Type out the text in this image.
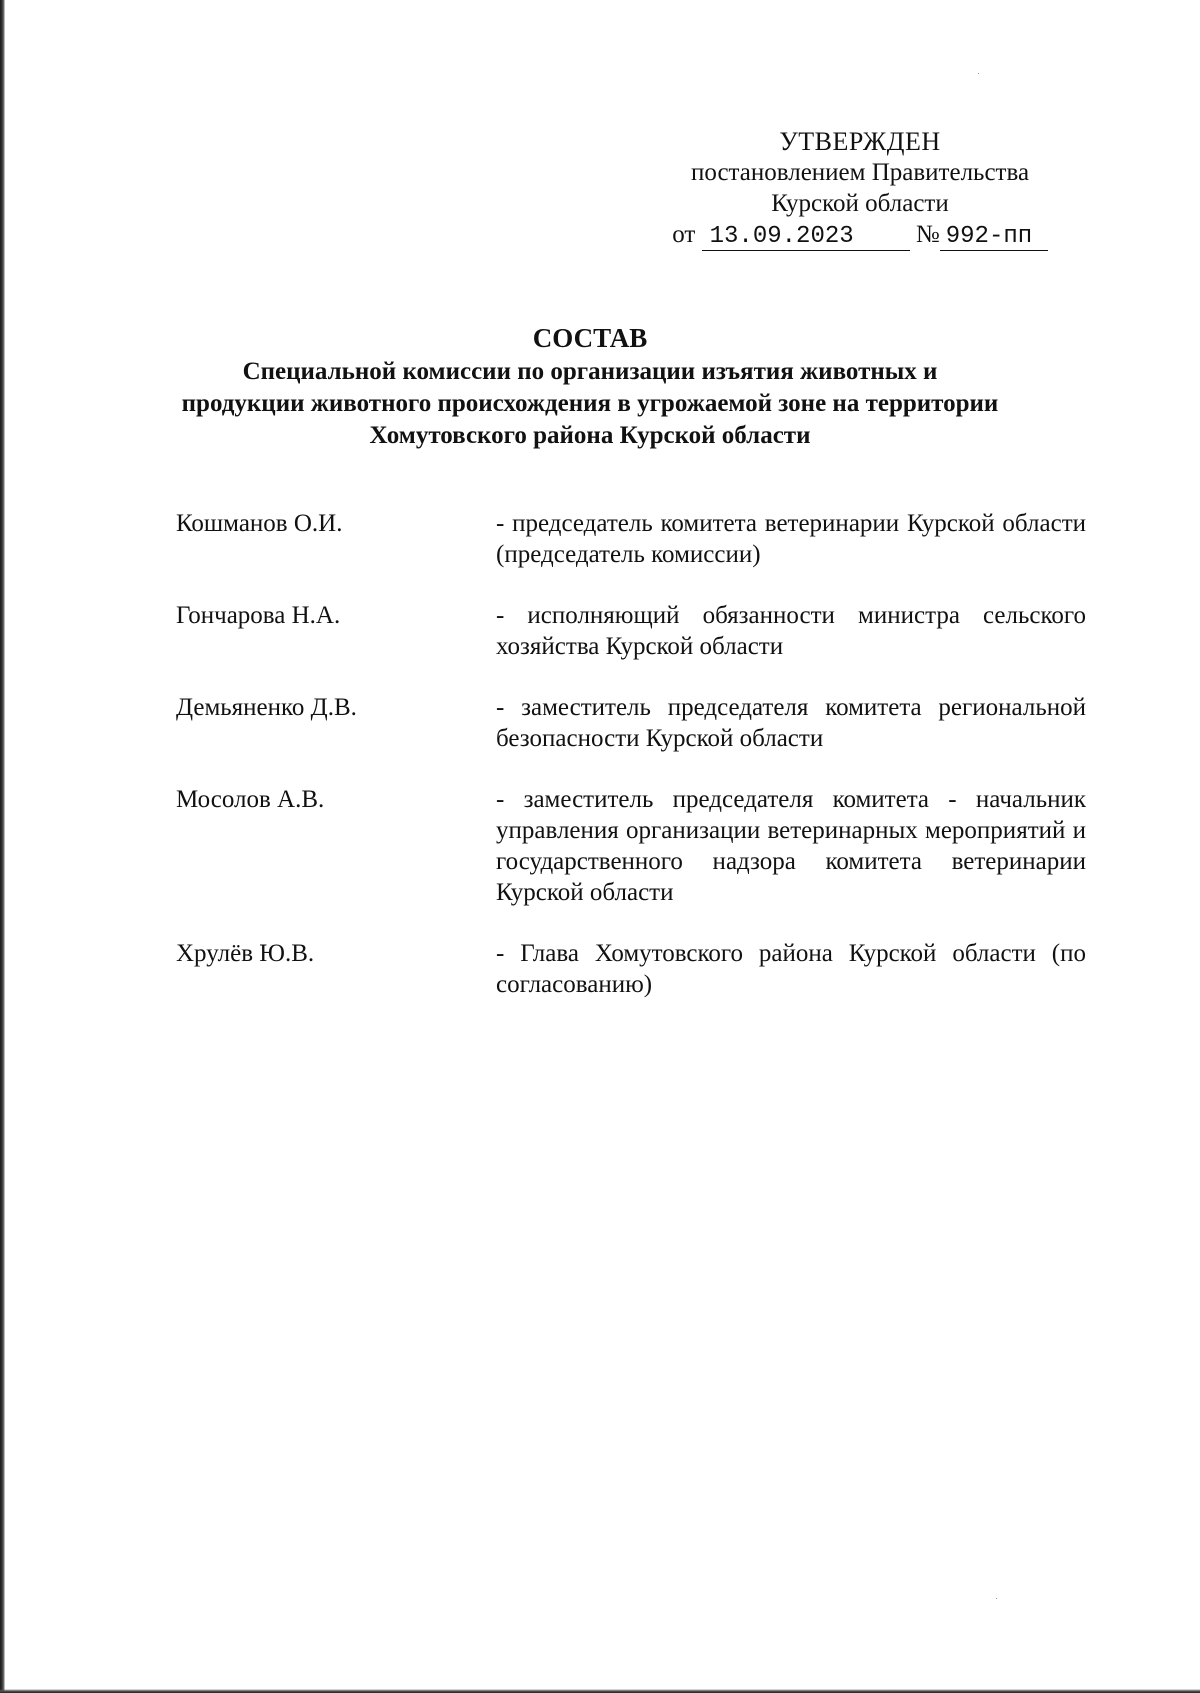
УТВЕРЖДЕН
постановлением Правительства
Курской области
от 13.09.2023 № 992-пп
СОСТАВ
Специальной комиссии по организации изъятия животных и продукции животного происхождения в угрожаемой зоне на территории Хомутовского района Курской области
Кошманов О.И.	- председатель комитета ветеринарии Курской области (председатель комиссии)
Гончарова Н.А.	- исполняющий обязанности министра сельского хозяйства Курской области
Демьяненко Д.В.	- заместитель председателя комитета региональной безопасности Курской области
Мосолов А.В.	- заместитель председателя комитета - начальник управления организации ветеринарных мероприятий и государственного надзора комитета ветеринарии Курской области
Хрулёв Ю.В.	- Глава Хомутовского района Курской области (по согласованию)
